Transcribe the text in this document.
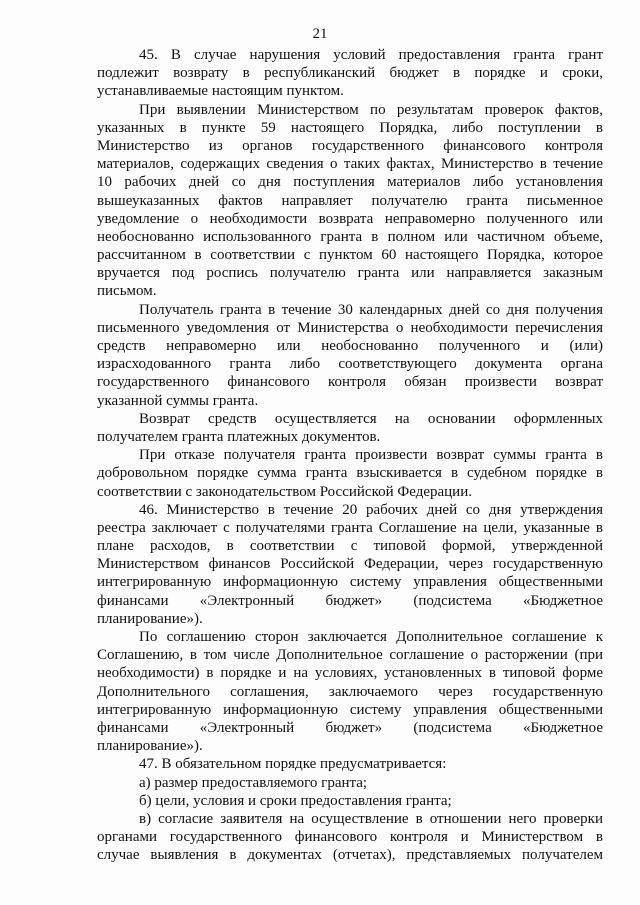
21
45. В случае нарушения условий предоставления гранта грант
подлежит возврату в республиканский бюджет в порядке и сроки,
устанавливаемые настоящим пунктом.
При выявлении Министерством по результатам проверок фактов,
указанных в пункте 59 настоящего Порядка, либо поступлении в
Министерство из органов государственного финансового контроля
материалов, содержащих сведения о таких фактах, Министерство в течение
10 рабочих дней со дня поступления материалов либо установления
вышеуказанных фактов направляет получателю гранта письменное
уведомление о необходимости возврата неправомерно полученного или
необоснованно использованного гранта в полном или частичном объеме,
рассчитанном в соответствии с пунктом 60 настоящего Порядка, которое
вручается под роспись получателю гранта или направляется заказным
письмом.
Получатель гранта в течение 30 календарных дней со дня получения
письменного уведомления от Министерства о необходимости перечисления
средств неправомерно или необоснованно полученного и (или)
израсходованного гранта либо соответствующего документа органа
государственного финансового контроля обязан произвести возврат
указанной суммы гранта.
Возврат средств осуществляется на основании оформленных
получателем гранта платежных документов.
При отказе получателя гранта произвести возврат суммы гранта в
добровольном порядке сумма гранта взыскивается в судебном порядке в
соответствии с законодательством Российской Федерации.
46. Министерство в течение 20 рабочих дней со дня утверждения
реестра заключает с получателями гранта Соглашение на цели, указанные в
плане расходов, в соответствии с типовой формой, утвержденной
Министерством финансов Российской Федерации, через государственную
интегрированную информационную систему управления общественными
финансами «Электронный бюджет» (подсистема «Бюджетное
планирование»).
По соглашению сторон заключается Дополнительное соглашение к
Соглашению, в том числе Дополнительное соглашение о расторжении (при
необходимости) в порядке и на условиях, установленных в типовой форме
Дополнительного соглашения, заключаемого через государственную
интегрированную информационную систему управления общественными
финансами «Электронный бюджет» (подсистема «Бюджетное
планирование»).
47. В обязательном порядке предусматривается:
а) размер предоставляемого гранта;
б) цели, условия и сроки предоставления гранта;
в) согласие заявителя на осуществление в отношении него проверки
органами государственного финансового контроля и Министерством в
случае выявления в документах (отчетах), представляемых получателем
